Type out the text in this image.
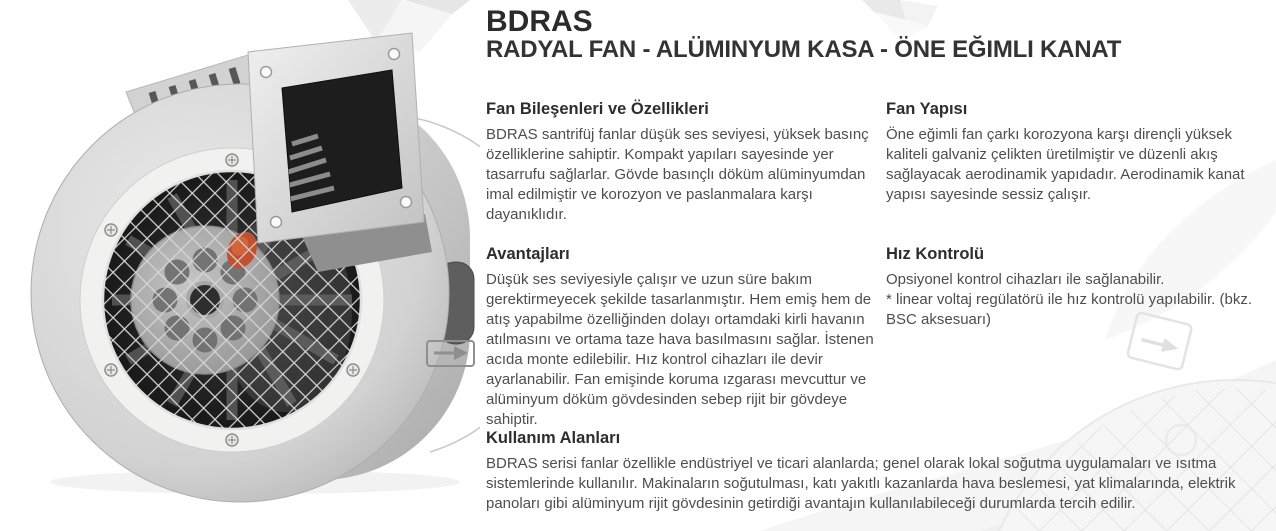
BDRAS
RADYAL FAN - ALÜMINYUM KASA - ÖNE EĞIMLI KANAT
Fan Bileşenleri ve Özellikleri

BDRAS santrifüj fanlar düşük ses seviyesi, yüksek basınç özelliklerine sahiptir. Kompakt yapıları sayesinde yer tasarrufu sağlarlar. Gövde basınçlı döküm alüminyumdan imal edilmiştir ve korozyon ve paslanmalara karşı dayanıklıdır.

Avantajları

Düşük ses seviyesiyle çalışır ve uzun süre bakım gerektirmeyecek şekilde tasarlanmıştır. Hem emiş hem de atış yapabilme özelliğinden dolayı ortamdaki kirli havanın atılmasını ve ortama taze hava basılmasını sağlar. İstenen acıda monte edilebilir. Hız kontrol cihazları ile devir ayarlanabilir. Fan emişinde koruma ızgarası mevcuttur ve alüminyum döküm gövdesinden sebep rijit bir gövdeye sahiptir.

Fan Yapısı

Öne eğimli fan çarkı korozyona karşı dirençli yüksek kaliteli galvaniz çelikten üretilmiştir ve düzenli akış sağlayacak aerodinamik yapıdadır. Aerodinamik kanat yapısı sayesinde sessiz çalışır.

Hız Kontrolü

Opsiyonel kontrol cihazları ile sağlanabilir.

* linear voltaj regülatörü ile hız kontrolü yapılabilir. (bkz. BSC aksesuarı)

Kullanım Alanları

BDRAS serisi fanlar özellikle endüstriyel ve ticari alanlarda; genel olarak lokal soğutma uygulamaları ve ısıtma sistemlerinde kullanılır. Makinaların soğutulması, katı yakıtlı kazanlarda hava beslemesi, yat klimalarında, elektrik panoları gibi alüminyum rijit gövdesinin getirdiği avantajın kullanılabileceği durumlarda tercih edilir.
